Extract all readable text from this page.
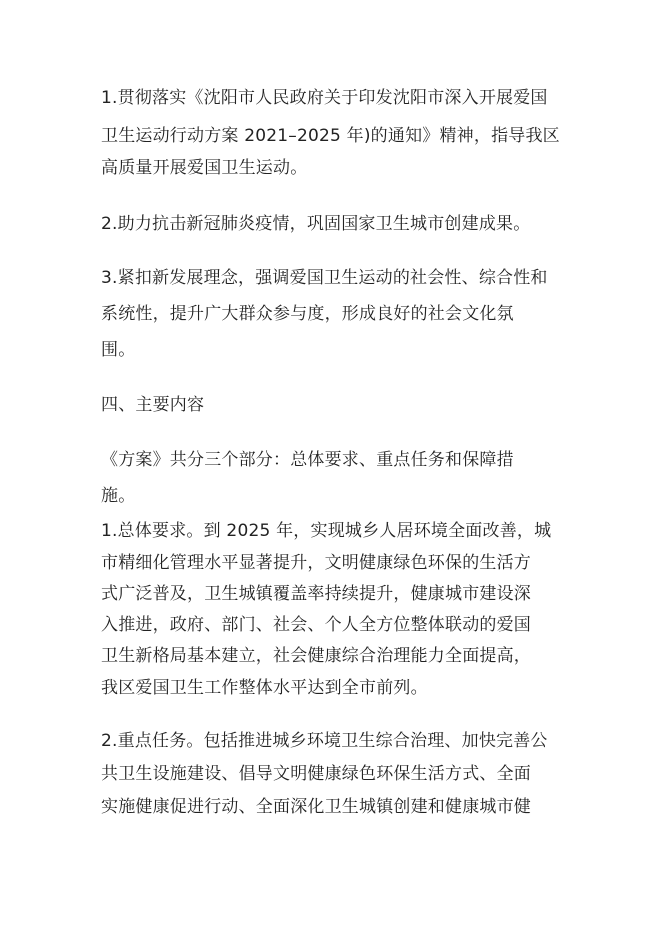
1.贯彻落实《沈阳市人民政府关于印发沈阳市深入开展爱国
卫生运动行动方案 2021–2025 年)的通知》精神，指导我区
高质量开展爱国卫生运动。
2.助力抗击新冠肺炎疫情，巩固国家卫生城市创建成果。
3.紧扣新发展理念，强调爱国卫生运动的社会性、综合性和
系统性，提升广大群众参与度，形成良好的社会文化氛
围。
四、主要内容
《方案》共分三个部分：总体要求、重点任务和保障措
施。
1.总体要求。到 2025 年，实现城乡人居环境全面改善，城
市精细化管理水平显著提升，文明健康绿色环保的生活方
式广泛普及，卫生城镇覆盖率持续提升，健康城市建设深
入推进，政府、部门、社会、个人全方位整体联动的爱国
卫生新格局基本建立，社会健康综合治理能力全面提高，
我区爱国卫生工作整体水平达到全市前列。
2.重点任务。包括推进城乡环境卫生综合治理、加快完善公
共卫生设施建设、倡导文明健康绿色环保生活方式、全面
实施健康促进行动、全面深化卫生城镇创建和健康城市健
